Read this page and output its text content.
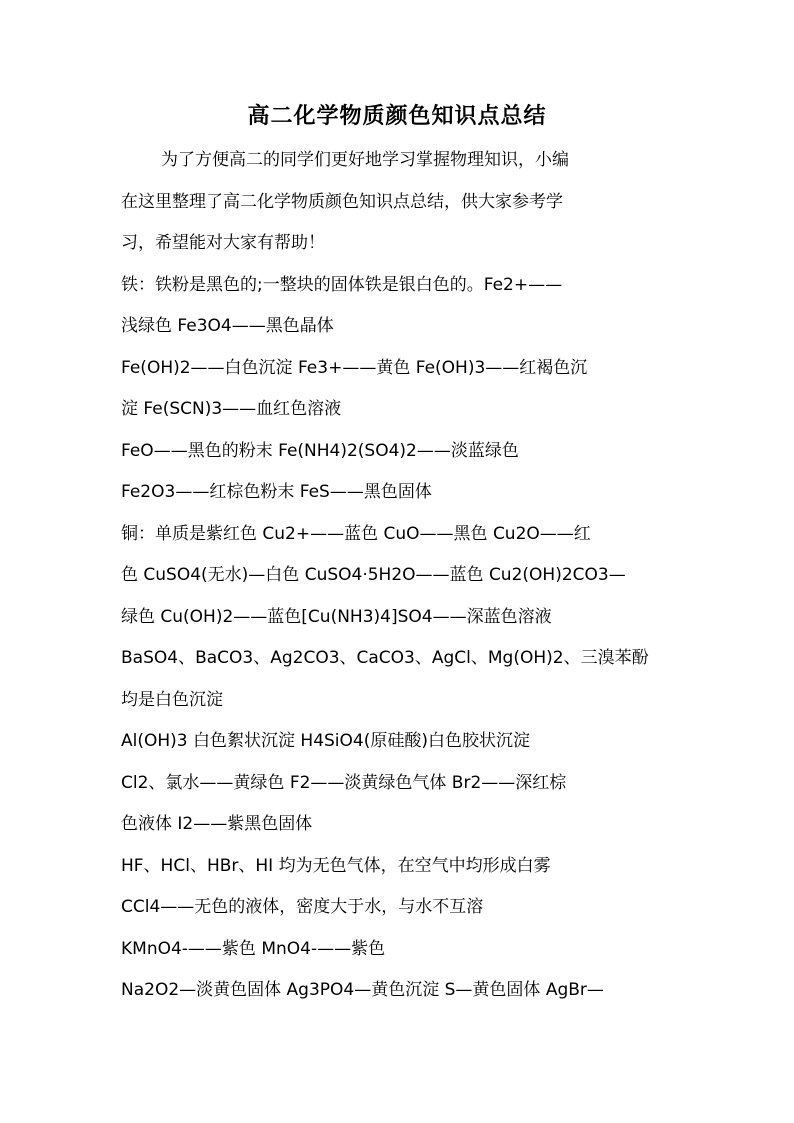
高二化学物质颜色知识点总结
为了方便高二的同学们更好地学习掌握物理知识，小编
在这里整理了高二化学物质颜色知识点总结，供大家参考学
习，希望能对大家有帮助！
铁：铁粉是黑色的;一整块的固体铁是银白色的。Fe2+——
浅绿色 Fe3O4——黑色晶体
Fe(OH)2——白色沉淀 Fe3+——黄色 Fe(OH)3——红褐色沉
淀 Fe(SCN)3——血红色溶液
FeO——黑色的粉末 Fe(NH4)2(SO4)2——淡蓝绿色
Fe2O3——红棕色粉末 FeS——黑色固体
铜：单质是紫红色 Cu2+——蓝色 CuO——黑色 Cu2O——红
色 CuSO4(无水)—白色 CuSO4·5H2O——蓝色 Cu2(OH)2CO3—
绿色 Cu(OH)2——蓝色[Cu(NH3)4]SO4——深蓝色溶液
BaSO4、BaCO3、Ag2CO3、CaCO3、AgCl、Mg(OH)2、三溴苯酚
均是白色沉淀
Al(OH)3 白色絮状沉淀 H4SiO4(原硅酸)白色胶状沉淀
Cl2、氯水——黄绿色 F2——淡黄绿色气体 Br2——深红棕
色液体 I2——紫黑色固体
HF、HCl、HBr、HI 均为无色气体，在空气中均形成白雾
CCl4——无色的液体，密度大于水，与水不互溶
KMnO4-——紫色 MnO4-——紫色
Na2O2—淡黄色固体 Ag3PO4—黄色沉淀 S—黄色固体 AgBr—
